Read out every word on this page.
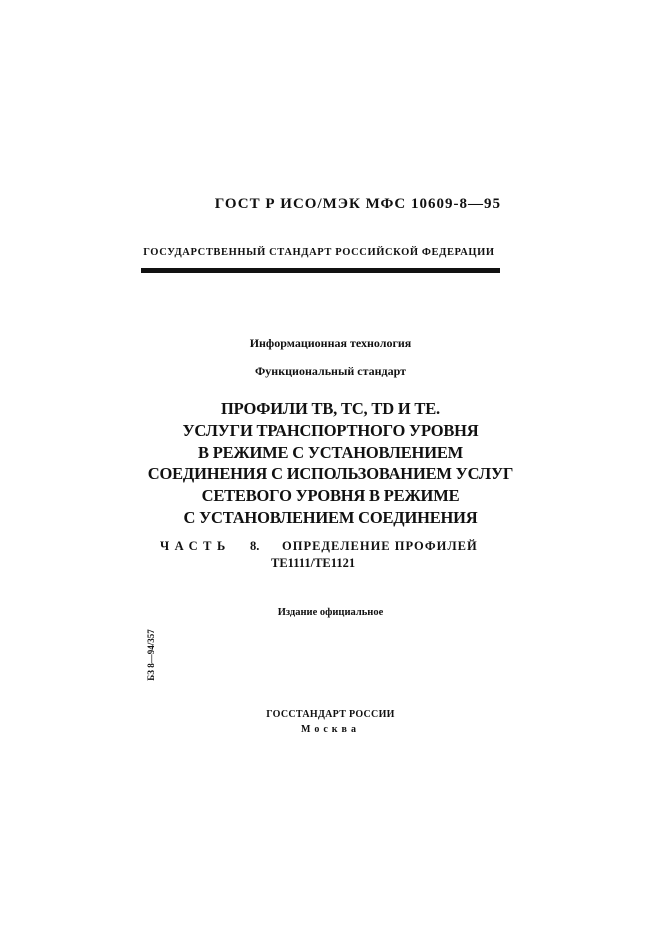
ГОСТ Р ИСО/МЭК МФС 10609-8—95
ГОСУДАРСТВЕННЫЙ СТАНДАРТ РОССИЙСКОЙ ФЕДЕРАЦИИ
Информационная технология
Функциональный стандарт
ПРОФИЛИ ТВ, ТС, TD И ТЕ.
УСЛУГИ ТРАНСПОРТНОГО УРОВНЯ
В РЕЖИМЕ С УСТАНОВЛЕНИЕМ
СОЕДИНЕНИЯ С ИСПОЛЬЗОВАНИЕМ УСЛУГ
СЕТЕВОГО УРОВНЯ В РЕЖИМЕ
С УСТАНОВЛЕНИЕМ СОЕДИНЕНИЯ
ЧАСТЬ 8. ОПРЕДЕЛЕНИЕ ПРОФИЛЕЙ
ТЕ1111/ТЕ1121
Издание официальное
БЗ 8—94/357
ГОССТАНДАРТ РОССИИ
Москва
